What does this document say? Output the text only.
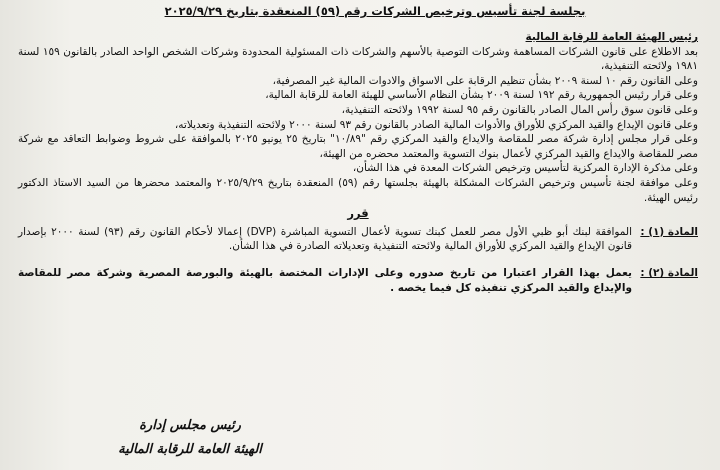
بجلسة لجنة تأسيس وترخيص الشركات رقم (٥٩) المنعقدة بتاريخ ٢٠٢٥/٩/٢٩

رئيس الهيئة العامة للرقابة المالية

بعد الاطلاع على قانون الشركات المساهمة وشركات التوصية بالأسهم والشركات ذات المسئولية المحدودة وشركات الشخص الواحد الصادر بالقانون ١٥٩ لسنة ١٩٨١ ولائحته التنفيذية،

وعلى القانون رقم ١٠ لسنة ٢٠٠٩ بشأن تنظيم الرقابة على الاسواق والادوات المالية غير المصرفية،

وعلى قرار رئيس الجمهورية رقم ١٩٢ لسنة ٢٠٠٩ بشأن النظام الأساسي للهيئة العامة للرقابة المالية،

وعلى قانون سوق رأس المال الصادر بالقانون رقم ٩٥ لسنة ١٩٩٢ ولائحته التنفيذية،

وعلى قانون الإيداع والقيد المركزي للأوراق والأدوات المالية الصادر بالقانون رقم ٩٣ لسنة ٢٠٠٠ ولائحته التنفيذية وتعديلاته،

وعلى قرار مجلس إدارة شركة مصر للمقاصة والايداع والقيد المركزي رقم "١٠/٨٩" بتاريخ ٢٥ يونيو ٢٠٢٥ بالموافقة على شروط وضوابط التعاقد مع شركة مصر للمقاصة والايداع والقيد المركزي لأعمال بنوك التسوية والمعتمد محضره من الهيئة،

وعلى مذكرة الإدارة المركزية لتأسيس وترخيص الشركات المعدة في هذا الشأن،

وعلى موافقة لجنة تأسيس وترخيص الشركات المشكلة بالهيئة بجلستها رقم (٥٩) المنعقدة بتاريخ ٢٠٢٥/٩/٢٩ والمعتمد محضرها من السيد الاستاذ الدكتور رئيس الهيئة.

قرر

المادة (١) :
الموافقة لبنك أبو ظبي الأول مصر للعمل كبنك تسوية لأعمال التسوية المباشرة (DVP) إعمالا لأحكام القانون رقم (٩٣) لسنة ٢٠٠٠ بإصدار قانون الإيداع والقيد المركزي للأوراق المالية ولائحته التنفيذية وتعديلاته الصادرة في هذا الشأن.
المادة (٢) :
يعمل بهذا القرار اعتبارا من تاريخ صدوره وعلى الإدارات المختصة بالهيئة والبورصة المصرية وشركة مصر للمقاصة والإيداع والقيد المركزي تنفيذه كل فيما يخصه .
رئيس مجلس إدارة
الهيئة العامة للرقابة المالية
